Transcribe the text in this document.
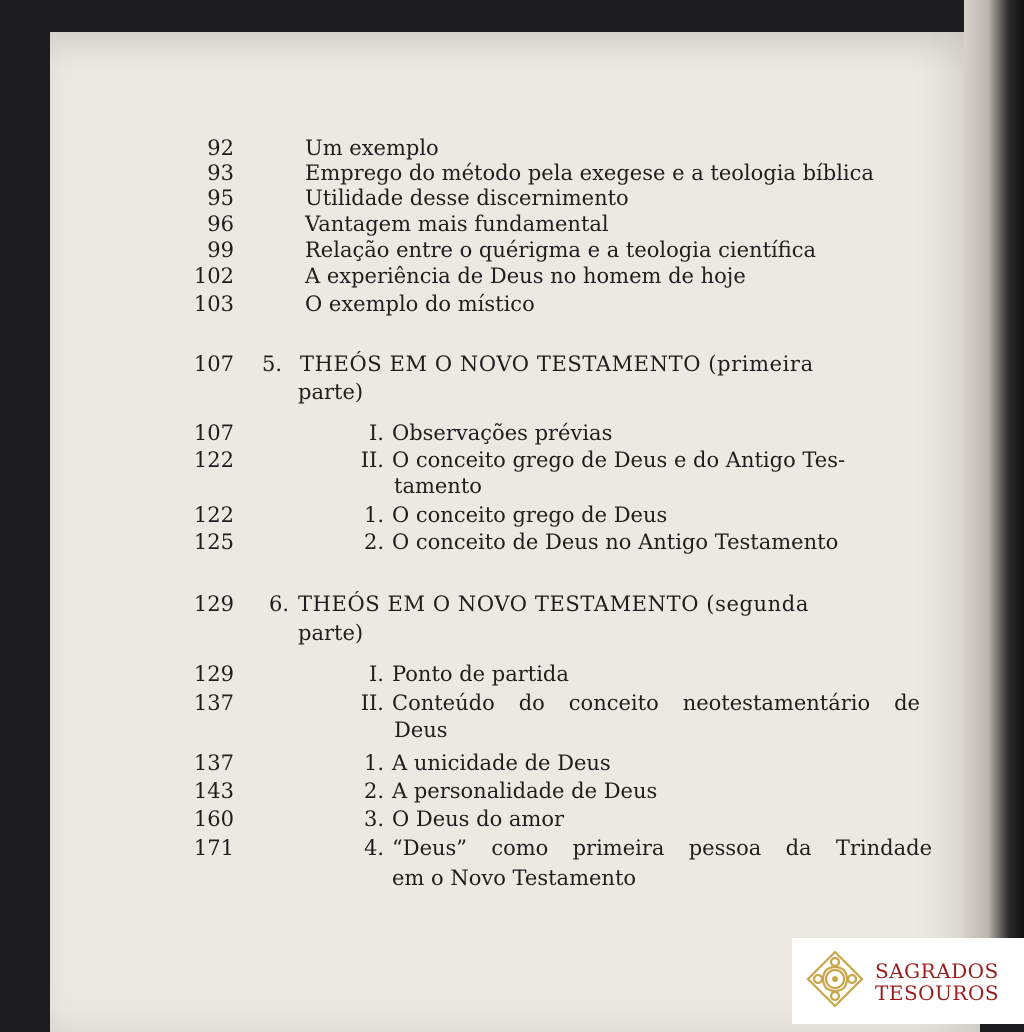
92	Um exemplo
93	Emprego do método pela exegese e a teologia bíblica
95	Utilidade desse discernimento
96	Vantagem mais fundamental
99	Relação entre o quérigma e a teologia científica
102	A experiência de Deus no homem de hoje
103	O exemplo do místico
107 5. THEÓS EM O NOVO TESTAMENTO (primeira
parte)
107	I. Observações prévias
122	II. O conceito grego de Deus e do Antigo Tes-
tamento
122	1. O conceito grego de Deus
125	2. O conceito de Deus no Antigo Testamento
129 6. THEÓS EM O NOVO TESTAMENTO (segunda
parte)
129	I. Ponto de partida
137	II. Conteúdo do conceito neotestamentário de
Deus
137	1. A unicidade de Deus
143	2. A personalidade de Deus
160	3. O Deus do amor
171	4. “Deus” como primeira pessoa da Trindade
em o Novo Testamento
SAGRADOS
TESOUROS
